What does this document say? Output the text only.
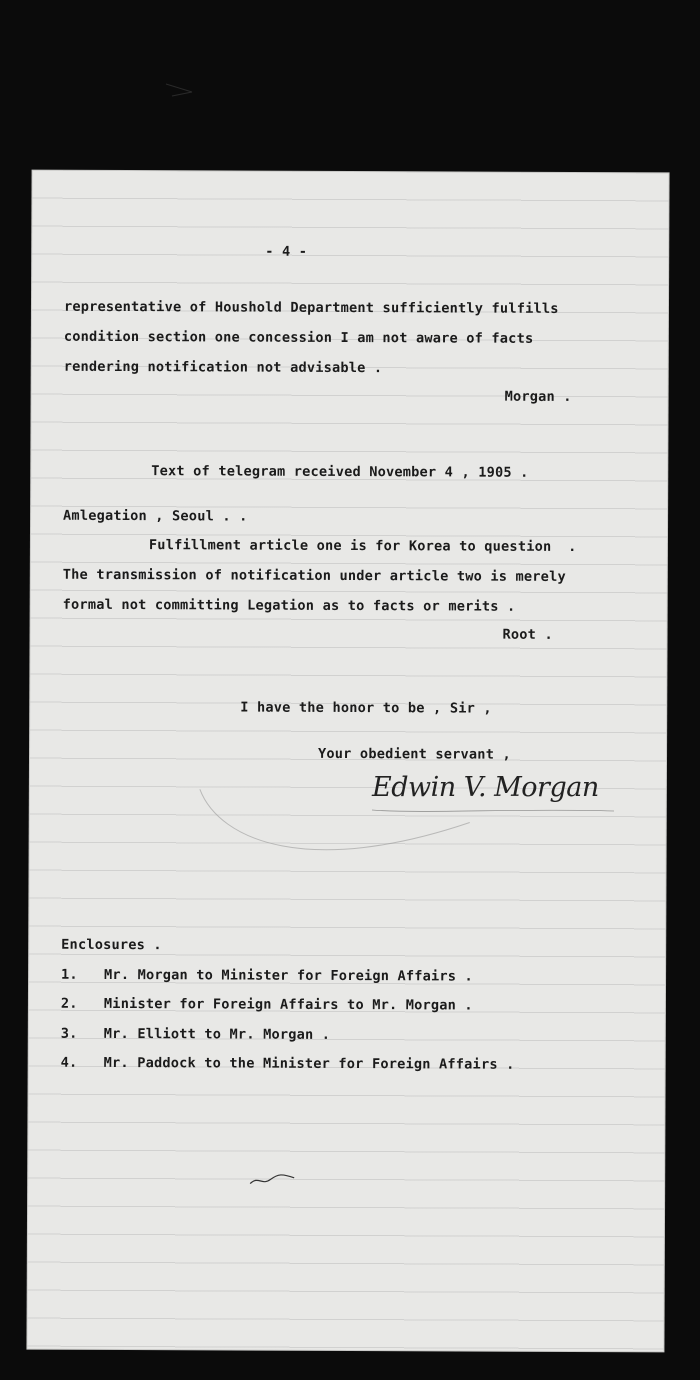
- 4 -

representative of Houshold Department sufficiently fulfills

condition section one concession I am not aware of facts

rendering notification not advisable .

Morgan .

Text of telegram received November 4 , 1905 .

Amlegation , Seoul . .

Fulfillment article one is for Korea to question  .

The transmission of notification under article two is merely

formal not committing Legation as to facts or merits .

Root .

I have the honor to be , Sir ,

Your obedient servant ,

Enclosures .

1. Mr. Morgan to Minister for Foreign Affairs .

2. Minister for Foreign Affairs to Mr. Morgan .

3. Mr. Elliott to Mr. Morgan .

4. Mr. Paddock to the Minister for Foreign Affairs .

Edwin V. Morgan
